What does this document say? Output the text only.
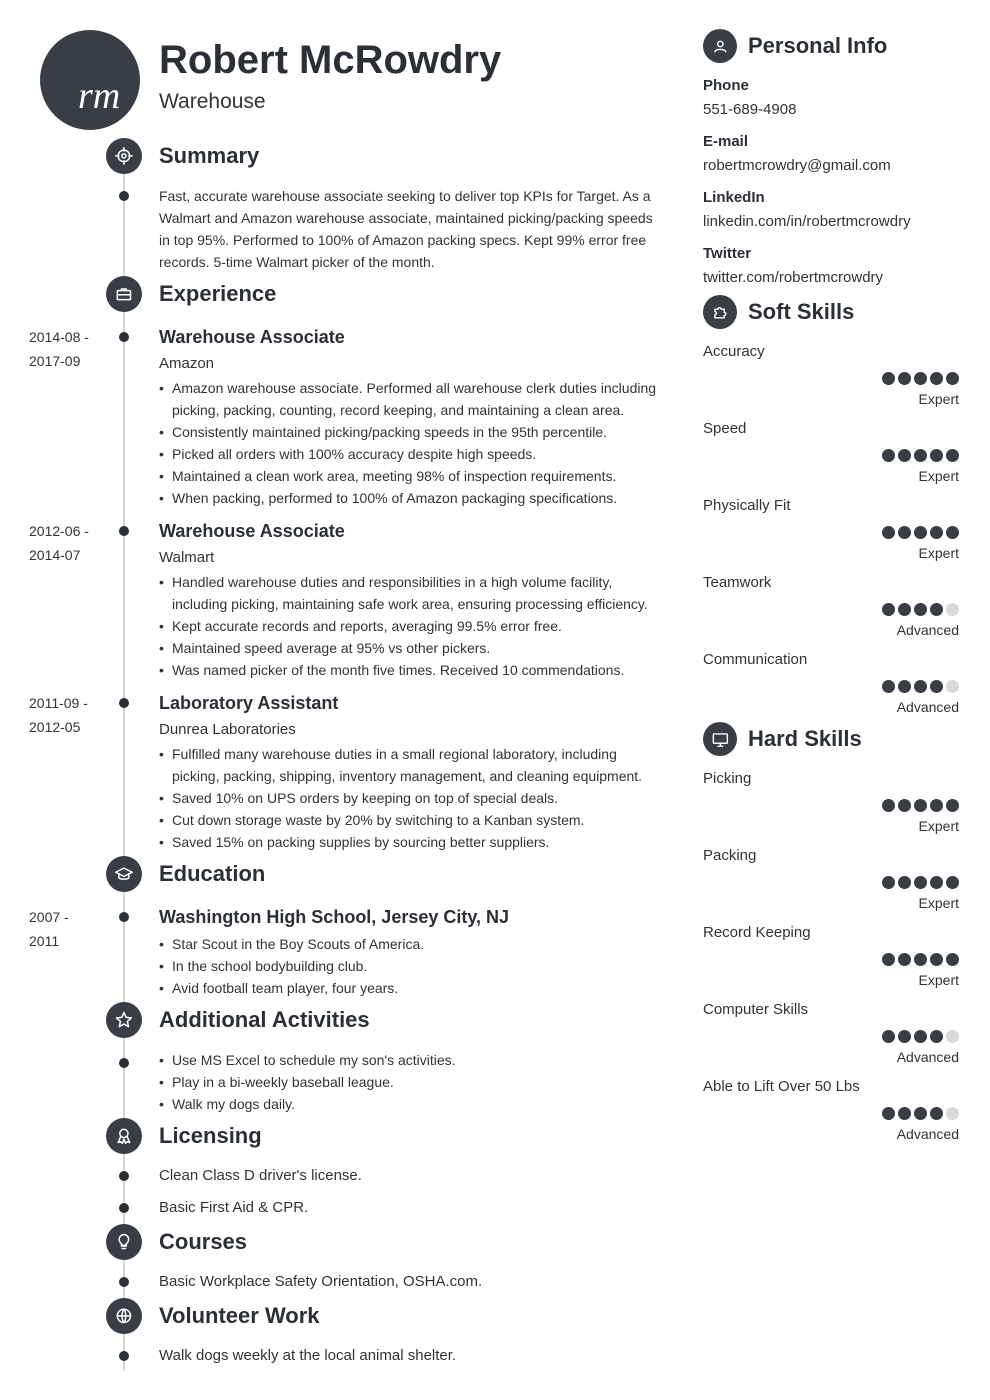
rm
Robert McRowdry
Warehouse
Summary
Fast, accurate warehouse associate seeking to deliver top KPIs for Target. As a
Walmart and Amazon warehouse associate, maintained picking/packing speeds
in top 95%. Performed to 100% of Amazon packing specs. Kept 99% error free
records. 5-time Walmart picker of the month.
Experience
2014-08 -
2017-09
Warehouse Associate
Amazon
• Amazon warehouse associate. Performed all warehouse clerk duties including
picking, packing, counting, record keeping, and maintaining a clean area.
• Consistently maintained picking/packing speeds in the 95th percentile.
• Picked all orders with 100% accuracy despite high speeds.
• Maintained a clean work area, meeting 98% of inspection requirements.
• When packing, performed to 100% of Amazon packaging specifications.
2012-06 -
2014-07
Warehouse Associate
Walmart
• Handled warehouse duties and responsibilities in a high volume facility,
including picking, maintaining safe work area, ensuring processing efficiency.
• Kept accurate records and reports, averaging 99.5% error free.
• Maintained speed average at 95% vs other pickers.
• Was named picker of the month five times. Received 10 commendations.
2011-09 -
2012-05
Laboratory Assistant
Dunrea Laboratories
• Fulfilled many warehouse duties in a small regional laboratory, including
picking, packing, shipping, inventory management, and cleaning equipment.
• Saved 10% on UPS orders by keeping on top of special deals.
• Cut down storage waste by 20% by switching to a Kanban system.
• Saved 15% on packing supplies by sourcing better suppliers.
Education
2007 -
2011
Washington High School, Jersey City, NJ
• Star Scout in the Boy Scouts of America.
• In the school bodybuilding club.
• Avid football team player, four years.
Additional Activities
• Use MS Excel to schedule my son's activities.
• Play in a bi-weekly baseball league.
• Walk my dogs daily.
Licensing
Clean Class D driver's license.
Basic First Aid & CPR.
Courses
Basic Workplace Safety Orientation, OSHA.com.
Volunteer Work
Walk dogs weekly at the local animal shelter.
Personal Info
Phone
551-689-4908
E-mail
robertmcrowdry@gmail.com
LinkedIn
linkedin.com/in/robertmcrowdry
Twitter
twitter.com/robertmcrowdry
Soft Skills
Accuracy
Expert
Speed
Expert
Physically Fit
Expert
Teamwork
Advanced
Communication
Advanced
Hard Skills
Picking
Expert
Packing
Expert
Record Keeping
Expert
Computer Skills
Advanced
Able to Lift Over 50 Lbs
Advanced
